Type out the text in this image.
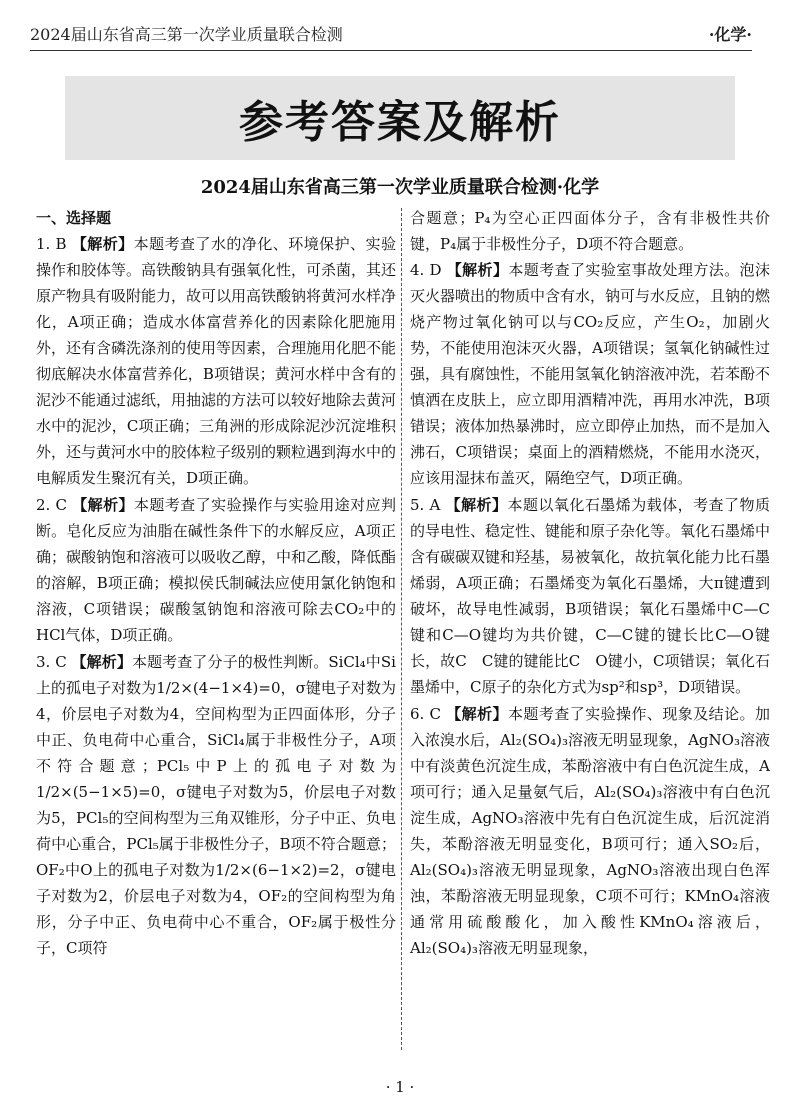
2024届山东省高三第一次学业质量联合检测	·化学·
参考答案及解析
2024届山东省高三第一次学业质量联合检测·化学

一、选择题

1. B 【解析】本题考查了水的净化、环境保护、实验操作和胶体等。高铁酸钠具有强氧化性，可杀菌，其还原产物具有吸附能力，故可以用高铁酸钠将黄河水样净化，A项正确；造成水体富营养化的因素除化肥施用外，还有含磷洗涤剂的使用等因素，合理施用化肥不能彻底解决水体富营养化，B项错误；黄河水样中含有的泥沙不能通过滤纸，用抽滤的方法可以较好地除去黄河水中的泥沙，C项正确；三角洲的形成除泥沙沉淀堆积外，还与黄河水中的胶体粒子级别的颗粒遇到海水中的电解质发生聚沉有关，D项正确。

2. C 【解析】本题考查了实验操作与实验用途对应判断。皂化反应为油脂在碱性条件下的水解反应，A项正确；碳酸钠饱和溶液可以吸收乙醇，中和乙酸，降低酯的溶解，B项正确；模拟侯氏制碱法应使用氯化钠饱和溶液，C项错误；碳酸氢钠饱和溶液可除去CO₂中的HCl气体，D项正确。

3. C 【解析】本题考查了分子的极性判断。SiCl₄中Si上的孤电子对数为1/2×(4−1×4)=0，σ键电子对数为4，价层电子对数为4，空间构型为正四面体形，分子中正、负电荷中心重合，SiCl₄属于非极性分子，A项不符合题意；PCl₅中P上的孤电子对数为1/2×(5−1×5)=0，σ键电子对数为5，价层电子对数为5，PCl₅的空间构型为三角双锥形，分子中正、负电荷中心重合，PCl₅属于非极性分子，B项不符合题意；OF₂中O上的孤电子对数为1/2×(6−1×2)=2，σ键电子对数为2，价层电子对数为4，OF₂的空间构型为角形，分子中正、负电荷中心不重合，OF₂属于极性分子，C项符

合题意；P₄为空心正四面体分子，含有非极性共价键，P₄属于非极性分子，D项不符合题意。

4. D 【解析】本题考查了实验室事故处理方法。泡沫灭火器喷出的物质中含有水，钠可与水反应，且钠的燃烧产物过氧化钠可以与CO₂反应，产生O₂，加剧火势，不能使用泡沫灭火器，A项错误；氢氧化钠碱性过强，具有腐蚀性，不能用氢氧化钠溶液冲洗，若苯酚不慎洒在皮肤上，应立即用酒精冲洗，再用水冲洗，B项错误；液体加热暴沸时，应立即停止加热，而不是加入沸石，C项错误；桌面上的酒精燃烧，不能用水浇灭，应该用湿抹布盖灭，隔绝空气，D项正确。

5. A 【解析】本题以氧化石墨烯为载体，考查了物质的导电性、稳定性、键能和原子杂化等。氧化石墨烯中含有碳碳双键和羟基，易被氧化，故抗氧化能力比石墨烯弱，A项正确；石墨烯变为氧化石墨烯，大π键遭到破坏，故导电性减弱，B项错误；氧化石墨烯中C—C键和C—O键均为共价键，C—C键的键长比C—O键长，故C　C键的键能比C　O键小，C项错误；氧化石墨烯中，C原子的杂化方式为sp²和sp³，D项错误。

6. C 【解析】本题考查了实验操作、现象及结论。加入浓溴水后，Al₂(SO₄)₃溶液无明显现象，AgNO₃溶液中有淡黄色沉淀生成，苯酚溶液中有白色沉淀生成，A项可行；通入足量氨气后，Al₂(SO₄)₃溶液中有白色沉淀生成，AgNO₃溶液中先有白色沉淀生成，后沉淀消失，苯酚溶液无明显变化，B项可行；通入SO₂后，Al₂(SO₄)₃溶液无明显现象，AgNO₃溶液出现白色浑浊，苯酚溶液无明显现象，C项不可行；KMnO₄溶液通常用硫酸酸化，加入酸性KMnO₄溶液后，Al₂(SO₄)₃溶液无明显现象，

· 1 ·
